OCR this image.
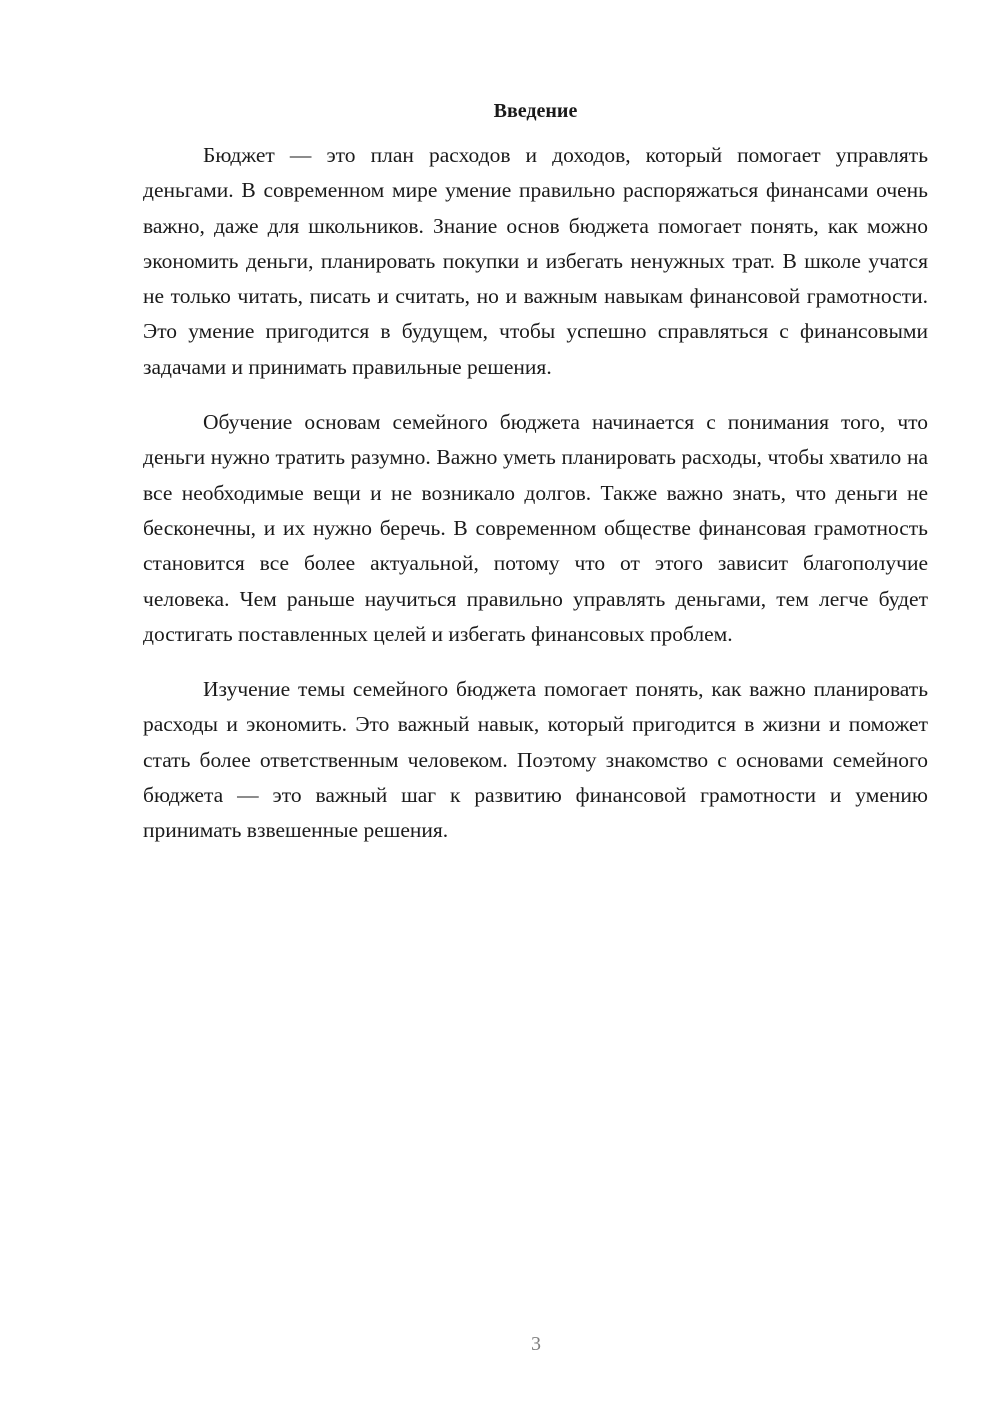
Введение

Бюджет — это план расходов и доходов, который помогает управлять деньгами. В современном мире умение правильно распоряжаться финансами очень важно, даже для школьников. Знание основ бюджета помогает понять, как можно экономить деньги, планировать покупки и избегать ненужных трат. В школе учатся не только читать, писать и считать, но и важным навыкам финансовой грамотности. Это умение пригодится в будущем, чтобы успешно справляться с финансовыми задачами и принимать правильные решения.

Обучение основам семейного бюджета начинается с понимания того, что деньги нужно тратить разумно. Важно уметь планировать расходы, чтобы хватило на все необходимые вещи и не возникало долгов. Также важно знать, что деньги не бесконечны, и их нужно беречь. В современном обществе финансовая грамотность становится все более актуальной, потому что от этого зависит благополучие человека. Чем раньше научиться правильно управлять деньгами, тем легче будет достигать поставленных целей и избегать финансовых проблем.

Изучение темы семейного бюджета помогает понять, как важно планировать расходы и экономить. Это важный навык, который пригодится в жизни и поможет стать более ответственным человеком. Поэтому знакомство с основами семейного бюджета — это важный шаг к развитию финансовой грамотности и умению принимать взвешенные решения.

3
